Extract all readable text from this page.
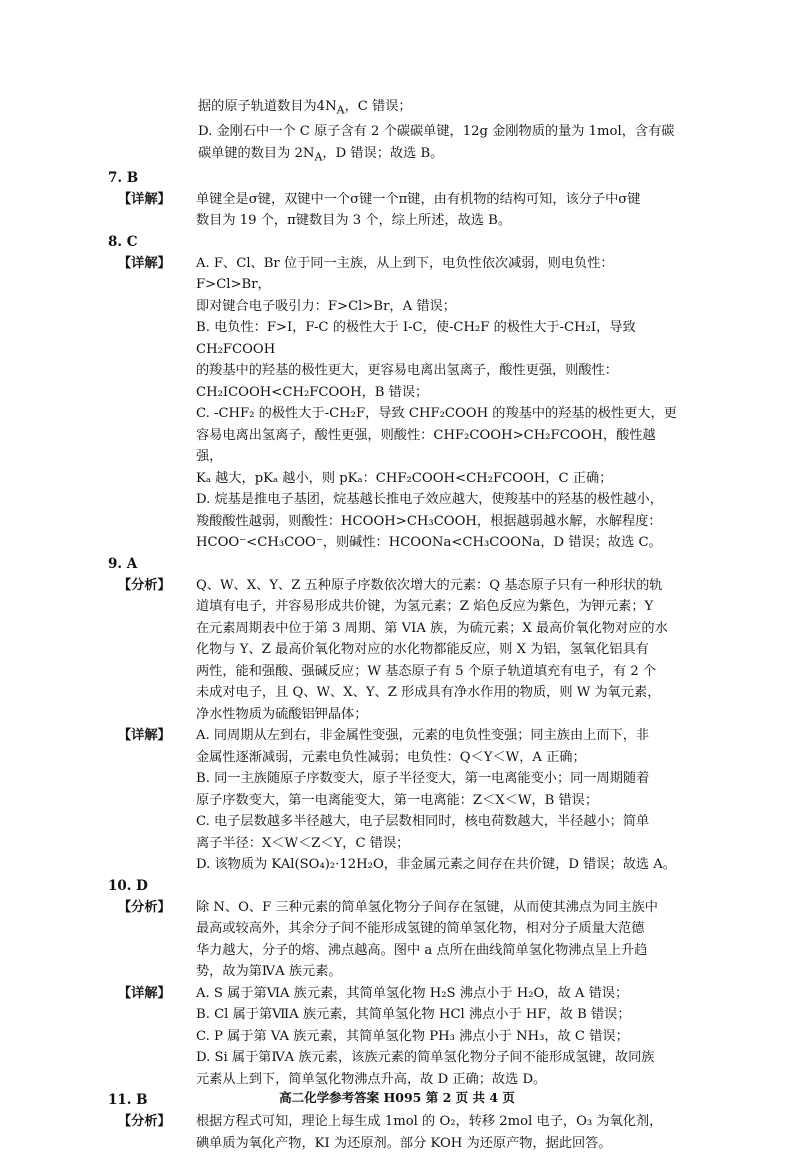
据的原子轨道数目为$4N_A$，C 错误；
D. 金刚石中一个 C 原子含有 2 个碳碳单键，12g 金刚物质的量为 1mol，含有碳
碳单键的数目为 $2N_A$，D 错误；故选 B。
7. B
【详解】	单键全是σ键，双键中一个σ键一个π键，由有机物的结构可知，该分子中σ键
数目为 19 个，π键数目为 3 个，综上所述，故选 B。
8. C
【详解】	A. F、Cl、Br 位于同一主族，从上到下，电负性依次减弱，则电负性：F>Cl>Br，
即对键合电子吸引力：F>Cl>Br，A 错误；
B. 电负性：F>I，F-C 的极性大于 I-C，使-CH₂F 的极性大于-CH₂I，导致 CH₂FCOOH
的羧基中的羟基的极性更大，更容易电离出氢离子，酸性更强，则酸性：
CH₂ICOOH<CH₂FCOOH，B 错误；
C. -CHF₂ 的极性大于-CH₂F，导致 CHF₂COOH 的羧基中的羟基的极性更大，更
容易电离出氢离子，酸性更强，则酸性：CHF₂COOH>CH₂FCOOH，酸性越强，
Kₐ 越大，pKₐ 越小，则 pKₐ：CHF₂COOH<CH₂FCOOH，C 正确；
D. 烷基是推电子基团，烷基越长推电子效应越大，使羧基中的羟基的极性越小，
羧酸酸性越弱，则酸性：HCOOH>CH₃COOH，根据越弱越水解，水解程度：
HCOO⁻<CH₃COO⁻，则碱性：HCOONa<CH₃COONa，D 错误；故选 C。
9. A
【分析】	Q、W、X、Y、Z 五种原子序数依次增大的元素：Q 基态原子只有一种形状的轨
道填有电子，并容易形成共价键，为氢元素；Z 焰色反应为紫色，为钾元素；Y
在元素周期表中位于第 3 周期、第 VIA 族，为硫元素；X 最高价氧化物对应的水
化物与 Y、Z 最高价氧化物对应的水化物都能反应，则 X 为铝，氢氧化铝具有
两性，能和强酸、强碱反应；W 基态原子有 5 个原子轨道填充有电子，有 2 个
未成对电子，且 Q、W、X、Y、Z 形成具有净水作用的物质，则 W 为氧元素，
净水性物质为硫酸铝钾晶体；
【详解】	A. 同周期从左到右，非金属性变强，元素的电负性变强；同主族由上而下，非
金属性逐渐减弱，元素电负性减弱；电负性：Q＜Y＜W，A 正确；
B. 同一主族随原子序数变大，原子半径变大，第一电离能变小；同一周期随着
原子序数变大，第一电离能变大，第一电离能：Z＜X＜W，B 错误；
C. 电子层数越多半径越大，电子层数相同时，核电荷数越大，半径越小；简单
离子半径：X＜W＜Z＜Y，C 错误；
D. 该物质为 KAl(SO₄)₂·12H₂O，非金属元素之间存在共价键，D 错误；故选 A。
10. D
【分析】	除 N、O、F 三种元素的简单氢化物分子间存在氢键，从而使其沸点为同主族中
最高或较高外，其余分子间不能形成氢键的简单氢化物，相对分子质量大范德
华力越大，分子的熔、沸点越高。图中 a 点所在曲线简单氢化物沸点呈上升趋
势，故为第ⅣA 族元素。
【详解】	A. S 属于第ⅥA 族元素，其简单氢化物 H₂S 沸点小于 H₂O，故 A 错误；
B. Cl 属于第ⅦA 族元素，其简单氢化物 HCl 沸点小于 HF，故 B 错误；
C. P 属于第 VA 族元素，其简单氢化物 PH₃ 沸点小于 NH₃，故 C 错误；
D. Si 属于第ⅣA 族元素，该族元素的简单氢化物分子间不能形成氢键，故同族
元素从上到下，简单氢化物沸点升高，故 D 正确；故选 D。
11. B
【分析】	根据方程式可知，理论上每生成 1mol 的 O₂，转移 2mol 电子，O₃ 为氧化剂，
碘单质为氧化产物，KI 为还原剂。部分 KOH 为还原产物，据此回答。
高二化学参考答案 H095 第 2 页 共 4 页
